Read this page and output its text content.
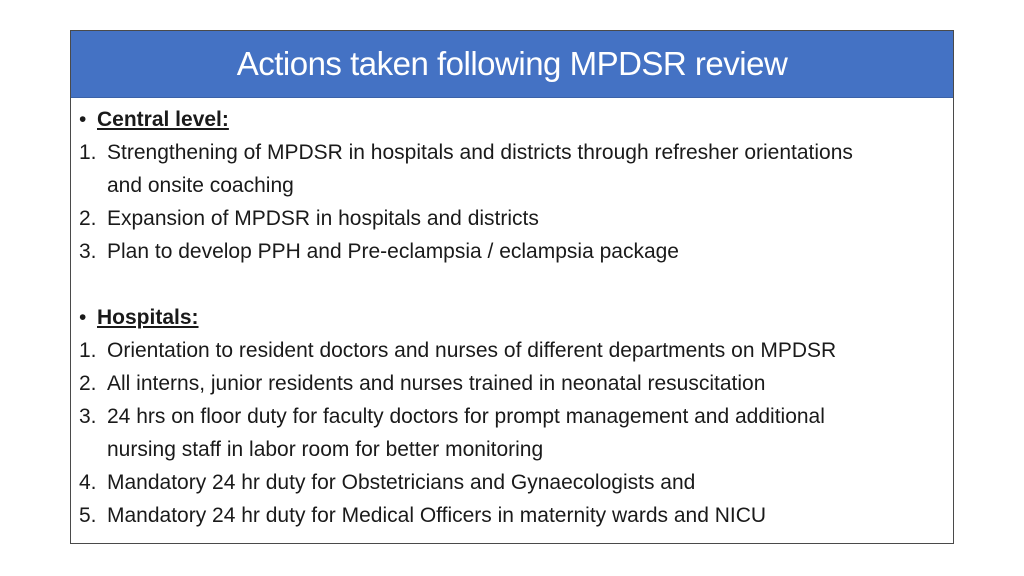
Actions taken following MPDSR review
• Central level:
1. Strengthening of MPDSR in hospitals and districts through refresher orientations
and onsite coaching
2. Expansion of MPDSR in hospitals and districts
3. Plan to develop PPH and Pre-eclampsia / eclampsia package
• Hospitals:
1. Orientation to resident doctors and nurses of different departments on MPDSR
2. All interns, junior residents and nurses trained in neonatal resuscitation
3. 24 hrs on floor duty for faculty doctors for prompt management and additional
nursing staff in labor room for better monitoring
4. Mandatory 24 hr duty for Obstetricians and Gynaecologists and
5. Mandatory 24 hr duty for Medical Officers in maternity wards and NICU
